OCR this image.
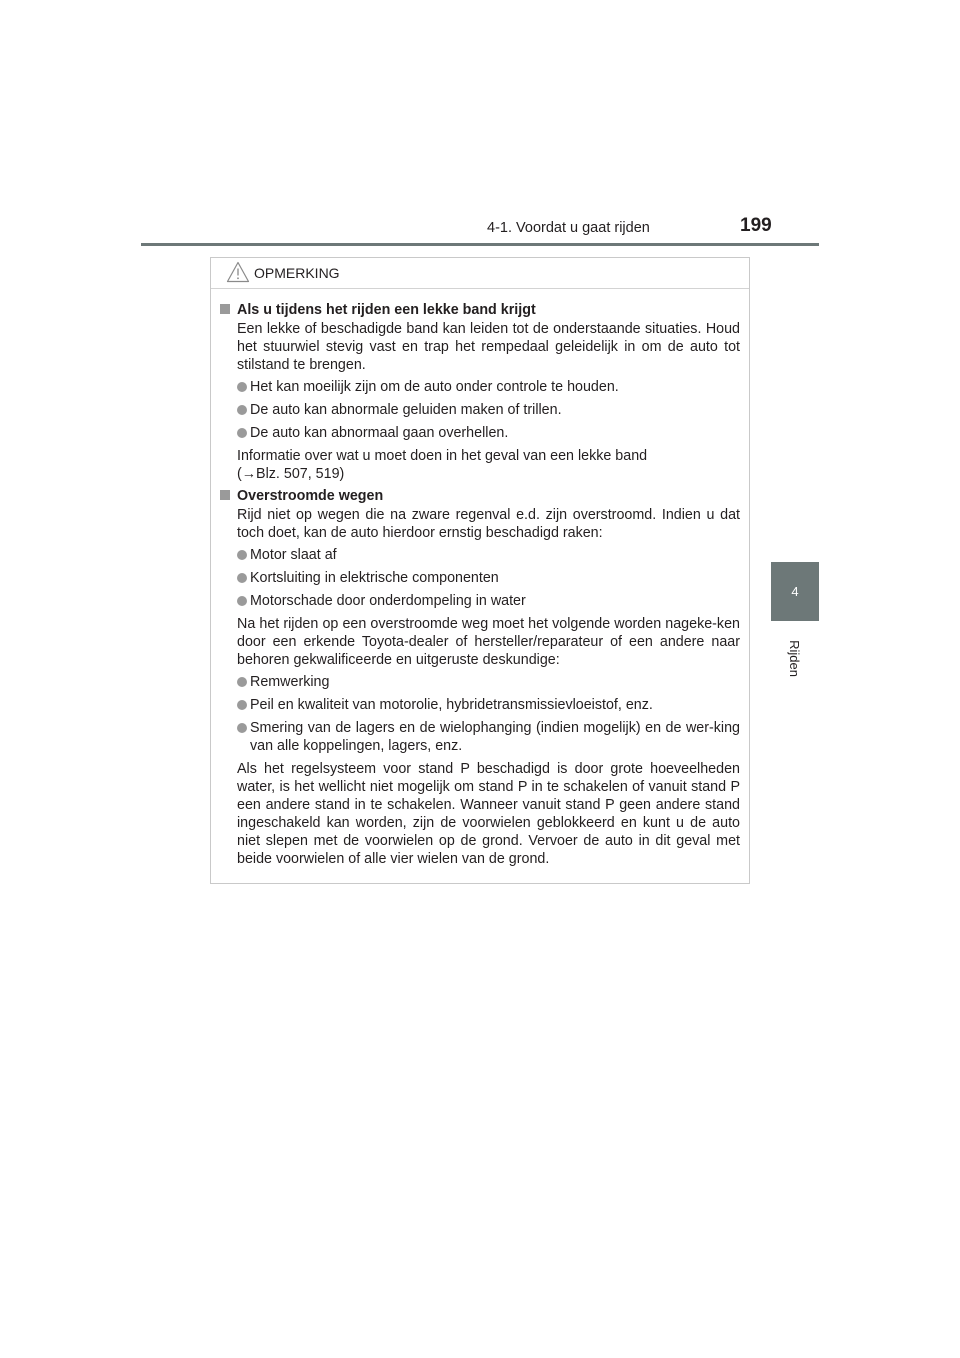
4-1. Voordat u gaat rijden	199
4
Rijden
OPMERKING
Als u tijdens het rijden een lekke band krijgt
Een lekke of beschadigde band kan leiden tot de onderstaande situaties. Houd het stuurwiel stevig vast en trap het rempedaal geleidelijk in om de auto tot stilstand te brengen.
Het kan moeilijk zijn om de auto onder controle te houden.
De auto kan abnormale geluiden maken of trillen.
De auto kan abnormaal gaan overhellen.
Informatie over wat u moet doen in het geval van een lekke band
(→Blz. 507, 519)
Overstroomde wegen
Rijd niet op wegen die na zware regenval e.d. zijn overstroomd. Indien u dat toch doet, kan de auto hierdoor ernstig beschadigd raken:
Motor slaat af
Kortsluiting in elektrische componenten
Motorschade door onderdompeling in water
Na het rijden op een overstroomde weg moet het volgende worden nageke-ken door een erkende Toyota-dealer of hersteller/reparateur of een andere naar behoren gekwalificeerde en uitgeruste deskundige:
Remwerking
Peil en kwaliteit van motorolie, hybridetransmissievloeistof, enz.
Smering van de lagers en de wielophanging (indien mogelijk) en de wer-king van alle koppelingen, lagers, enz.
Als het regelsysteem voor stand P beschadigd is door grote hoeveelheden water, is het wellicht niet mogelijk om stand P in te schakelen of vanuit stand P een andere stand in te schakelen. Wanneer vanuit stand P geen andere stand ingeschakeld kan worden, zijn de voorwielen geblokkeerd en kunt u de auto niet slepen met de voorwielen op de grond. Vervoer de auto in dit geval met beide voorwielen of alle vier wielen van de grond.
